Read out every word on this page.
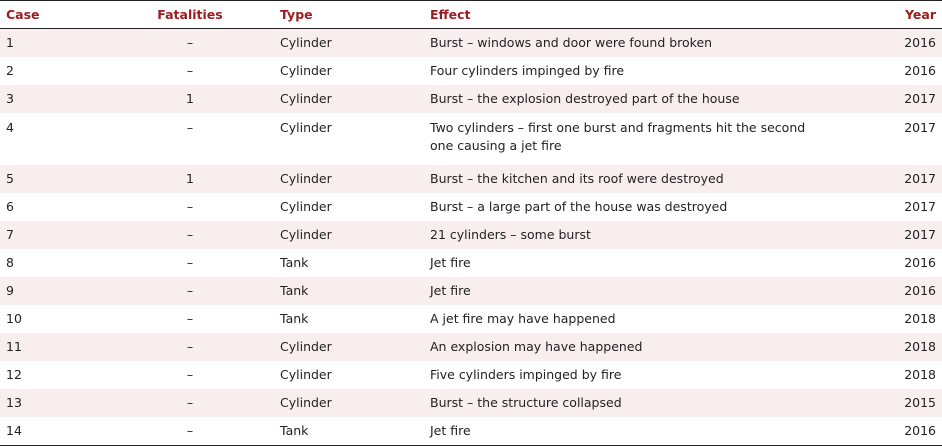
Case	Fatalities	Type	Effect	Year
1	–	Cylinder	Burst – windows and door were found broken	2016
2	–	Cylinder	Four cylinders impinged by fire	2016
3	1	Cylinder	Burst – the explosion destroyed part of the house	2017
4	–	Cylinder	Two cylinders – first one burst and fragments hit the second one causing a jet fire	2017
5	1	Cylinder	Burst – the kitchen and its roof were destroyed	2017
6	–	Cylinder	Burst – a large part of the house was destroyed	2017
7	–	Cylinder	21 cylinders – some burst	2017
8	–	Tank	Jet fire	2016
9	–	Tank	Jet fire	2016
10	–	Tank	A jet fire may have happened	2018
11	–	Cylinder	An explosion may have happened	2018
12	–	Cylinder	Five cylinders impinged by fire	2018
13	–	Cylinder	Burst – the structure collapsed	2015
14	–	Tank	Jet fire	2016
